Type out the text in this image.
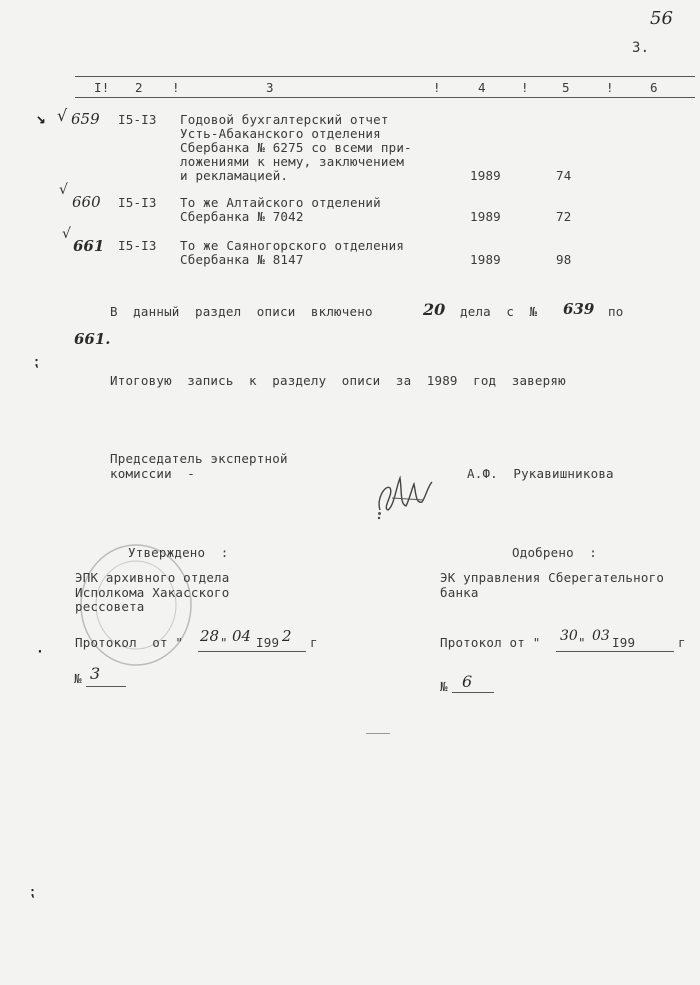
56
3.
I! 2 !	3	!	4	!	5	!	6
↘
⁏
·
⁏
√ 659 I5-I3 Годовой бухгалтерский отчет
Усть-Абаканского отделения
Сбербанка № 6275 со всеми при-
ложениями к нему, заключением
и рекламацией.	1989	74
√
660 I5-I3 То же Алтайского отделений
Сбербанка № 7042	1989	72
√
661 I5-I3 То же Саяногорского отделения
Сбербанка № 8147	1989	98
В  данный  раздел  описи  включено	20 дела  с  № 639 по
661.
Итоговую  запись  к  разделу  описи  за  1989  год  заверяю
Председатель экспертной
комиссии  -	А.Ф.  Рукавишникова
Утверждено  :
ЭПК архивного отдела
Исполкома Хакасского
рессовета
Протокол  от " 28 " 04 I99 2 г
№ 3
Одобрено  :
ЭК управления Сберегательного
банка
Протокол от " 30 " 03 I99	г
№ 6
